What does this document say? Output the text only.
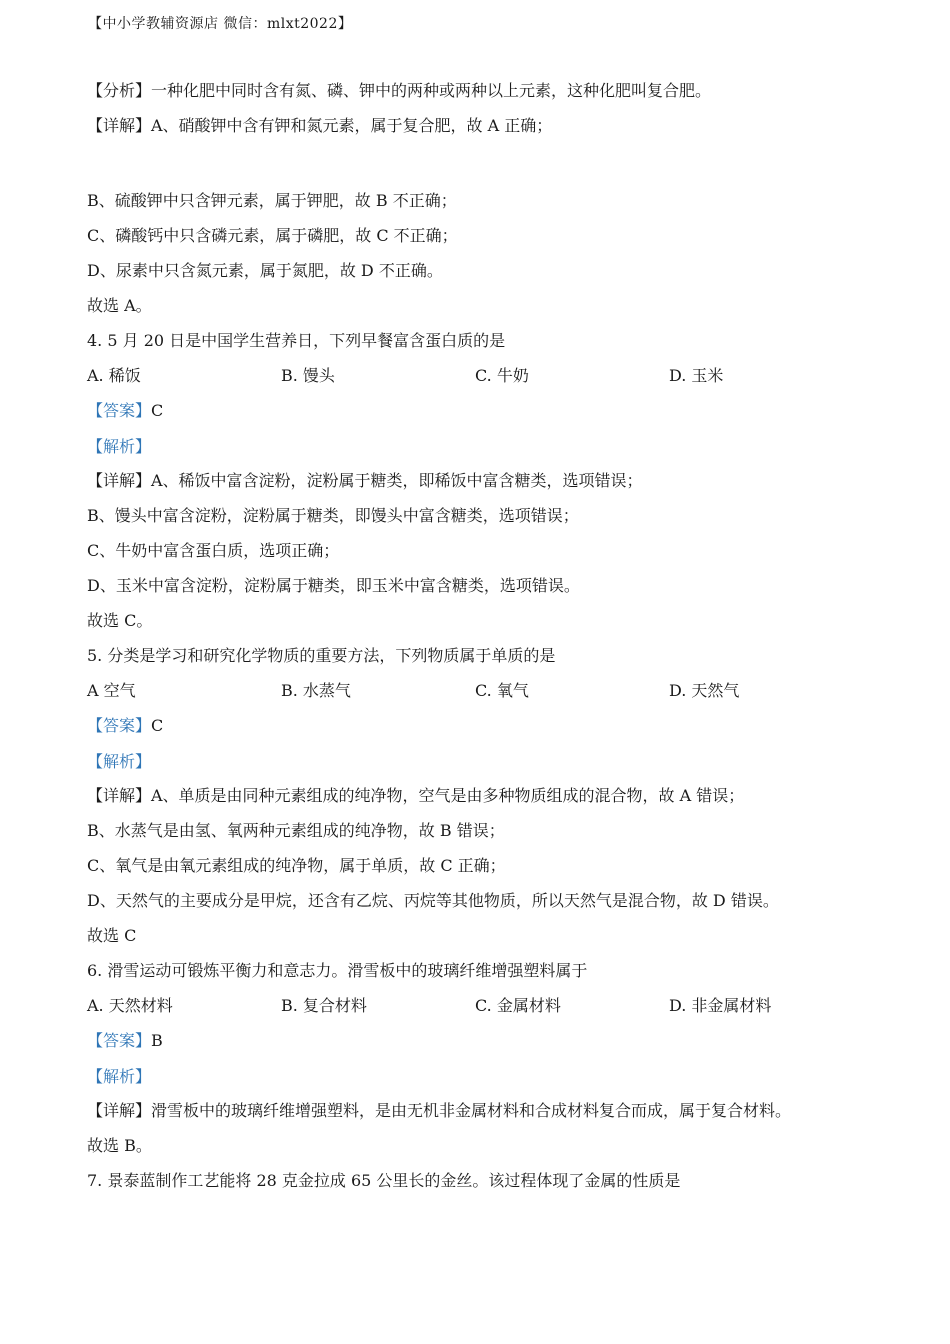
【中小学教辅资源店 微信：mlxt2022】
【分析】一种化肥中同时含有氮、磷、钾中的两种或两种以上元素，这种化肥叫复合肥。
【详解】A、硝酸钾中含有钾和氮元素，属于复合肥，故 A 正确；
B、硫酸钾中只含钾元素，属于钾肥，故 B 不正确；
C、磷酸钙中只含磷元素，属于磷肥，故 C 不正确；
D、尿素中只含氮元素，属于氮肥，故 D 不正确。
故选 A。
4. 5 月 20 日是中国学生营养日，下列早餐富含蛋白质的是
A. 稀饭	B. 馒头	C. 牛奶	D. 玉米
【答案】C
【解析】
【详解】A、稀饭中富含淀粉，淀粉属于糖类，即稀饭中富含糖类，选项错误；
B、馒头中富含淀粉，淀粉属于糖类，即馒头中富含糖类，选项错误；
C、牛奶中富含蛋白质，选项正确；
D、玉米中富含淀粉，淀粉属于糖类，即玉米中富含糖类，选项错误。
故选 C。
5. 分类是学习和研究化学物质的重要方法，下列物质属于单质的是
A 空气	B. 水蒸气	C. 氧气	D. 天然气
【答案】C
【解析】
【详解】A、单质是由同种元素组成的纯净物，空气是由多种物质组成的混合物，故 A 错误；
B、水蒸气是由氢、氧两种元素组成的纯净物，故 B 错误；
C、氧气是由氧元素组成的纯净物，属于单质，故 C 正确；
D、天然气的主要成分是甲烷，还含有乙烷、丙烷等其他物质，所以天然气是混合物，故 D 错误。
故选 C
6. 滑雪运动可锻炼平衡力和意志力。滑雪板中的玻璃纤维增强塑料属于
A. 天然材料	B. 复合材料	C. 金属材料	D. 非金属材料
【答案】B
【解析】
【详解】滑雪板中的玻璃纤维增强塑料，是由无机非金属材料和合成材料复合而成，属于复合材料。
故选 B。
7. 景泰蓝制作工艺能将 28 克金拉成 65 公里长的金丝。该过程体现了金属的性质是
